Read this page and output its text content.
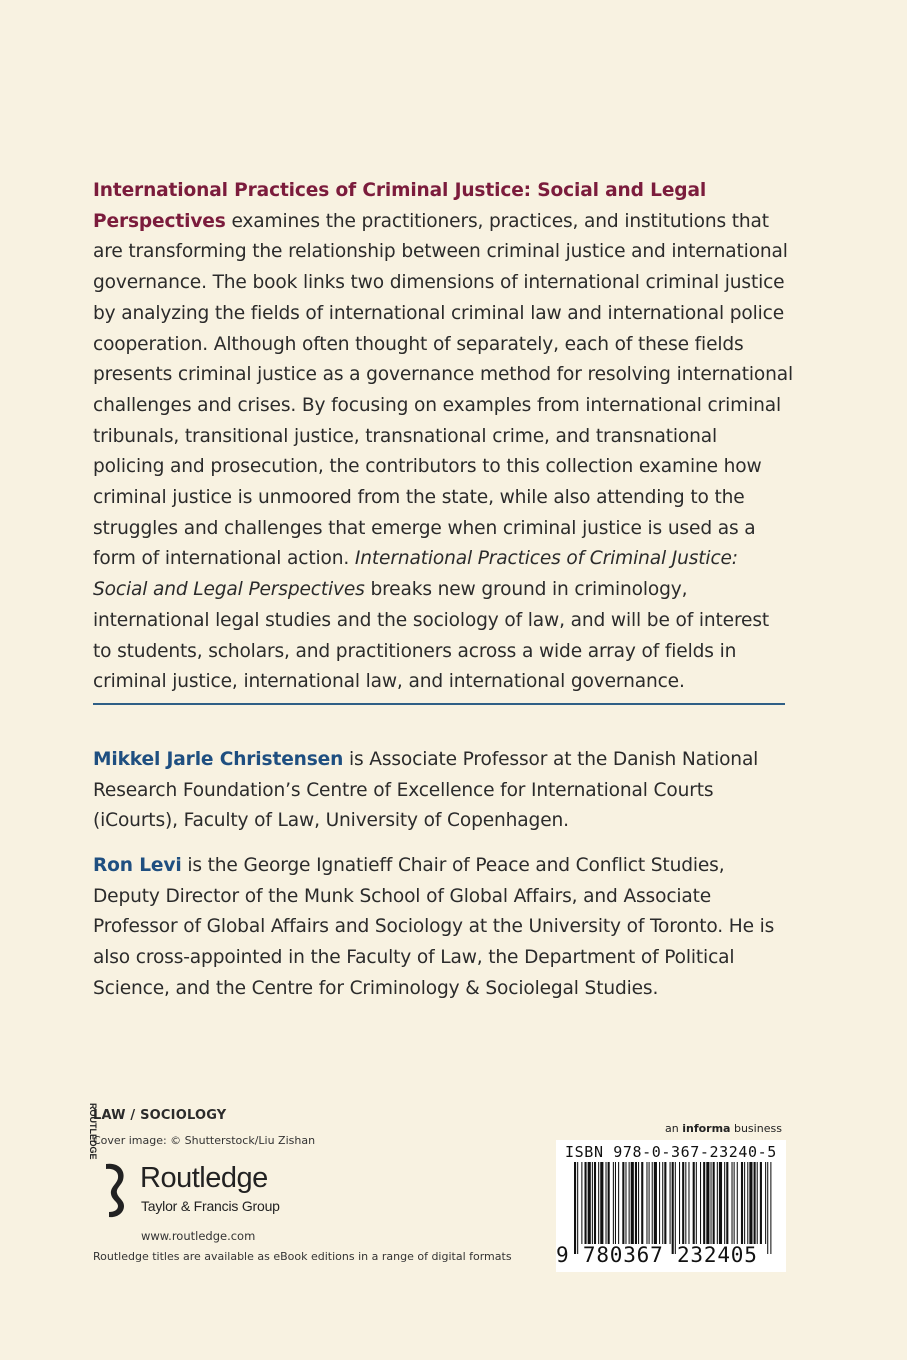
International Practices of Criminal Justice: Social and Legal Perspectives examines the practitioners, practices, and institutions that are transforming the relationship between criminal justice and international governance. The book links two dimensions of international criminal justice by analyzing the fields of international criminal law and international police cooperation. Although often thought of separately, each of these fields presents criminal justice as a governance method for resolving international challenges and crises. By focusing on examples from international criminal tribunals, transitional justice, transnational crime, and transnational policing and prosecution, the contributors to this collection examine how criminal justice is unmoored from the state, while also attending to the struggles and challenges that emerge when criminal justice is used as a form of international action. International Practices of Criminal Justice: Social and Legal Perspectives breaks new ground in criminology, international legal studies and the sociology of law, and will be of interest to students, scholars, and practitioners across a wide array of fields in criminal justice, international law, and international governance.

Mikkel Jarle Christensen is Associate Professor at the Danish National Research Foundation’s Centre of Excellence for International Courts (iCourts), Faculty of Law, University of Copenhagen.

Ron Levi is the George Ignatieff Chair of Peace and Conflict Studies, Deputy Director of the Munk School of Global Affairs, and Associate Professor of Global Affairs and Sociology at the University of Toronto. He is also cross-appointed in the Faculty of Law, the Department of Political Science, and the Centre for Criminology & Sociolegal Studies.

LAW / SOCIOLOGY
Cover image: © Shutterstock/Liu Zishan
ROUTLEDGE
Routledge
Taylor & Francis Group
www.routledge.com
Routledge titles are available as eBook editions in a range of digital formats
an informa business
ISBN 978-0-367-23240-5
9 780367 232405
